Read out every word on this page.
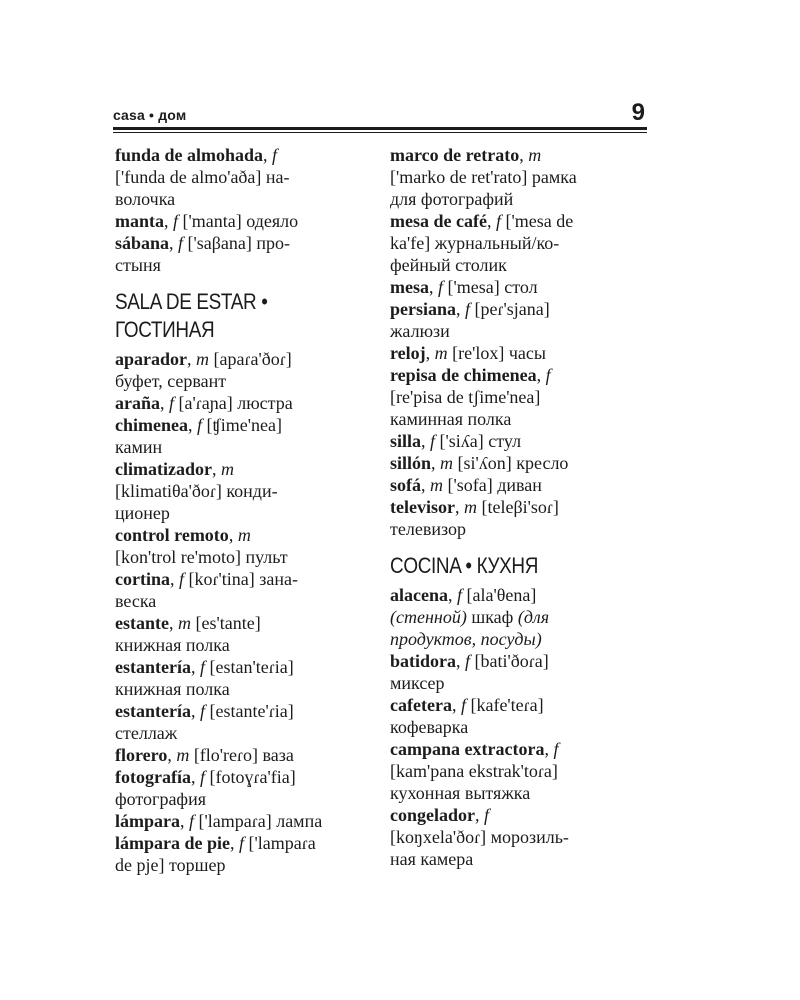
casa • дом	9
funda de almohada, f
['funda de almo'aða] на-
волочка
manta, f ['manta] одеяло
sábana, f ['saβana] про-
стыня
SALA DE ESTAR •
ГОСТИНАЯ
aparador, m [apaɾa'ðoɾ]
буфет, сервант
araña, f [a'ɾaɲa] люстра
chimenea, f [ʧime'nea]
камин
climatizador, m
[klimatiθa'ðoɾ] конди-
ционер
control remoto, m
[kon'trol re'moto] пульт
cortina, f [koɾ'tina] зана-
веска
estante, m [es'tante]
книжная полка
estantería, f [estan'teɾia]
книжная полка
estantería, f [estante'ɾia]
стеллаж
florero, m [flo'reɾo] ваза
fotografía, f [fotoɣɾa'fia]
фотография
lámpara, f ['lampaɾa] лампа
lámpara de pie, f ['lampaɾa
de pje] торшер
marco de retrato, m
['marko de ret'rato] рамка
для фотографий
mesa de café, f ['mesa de
ka'fe] журнальный/ко-
фейный столик
mesa, f ['mesa] стол
persiana, f [peɾ'sjana]
жалюзи
reloj, m [re'lox] часы
repisa de chimenea, f
[re'pisa de tʃime'nea]
каминная полка
silla, f ['siʎa] стул
sillón, m [si'ʎon] кресло
sofá, m ['sofa] диван
televisor, m [teleβi'soɾ]
телевизор
COCINA • КУХНЯ
alacena, f [ala'θena]
(стенной) шкаф (для
продуктов, посуды)
batidora, f [bati'ðoɾa]
миксер
cafetera, f [kafe'teɾa]
кофеварка
campana extractora, f
[kam'pana ekstrak'toɾa]
кухонная вытяжка
congelador, f
[koŋxela'ðoɾ] морозиль-
ная камера
